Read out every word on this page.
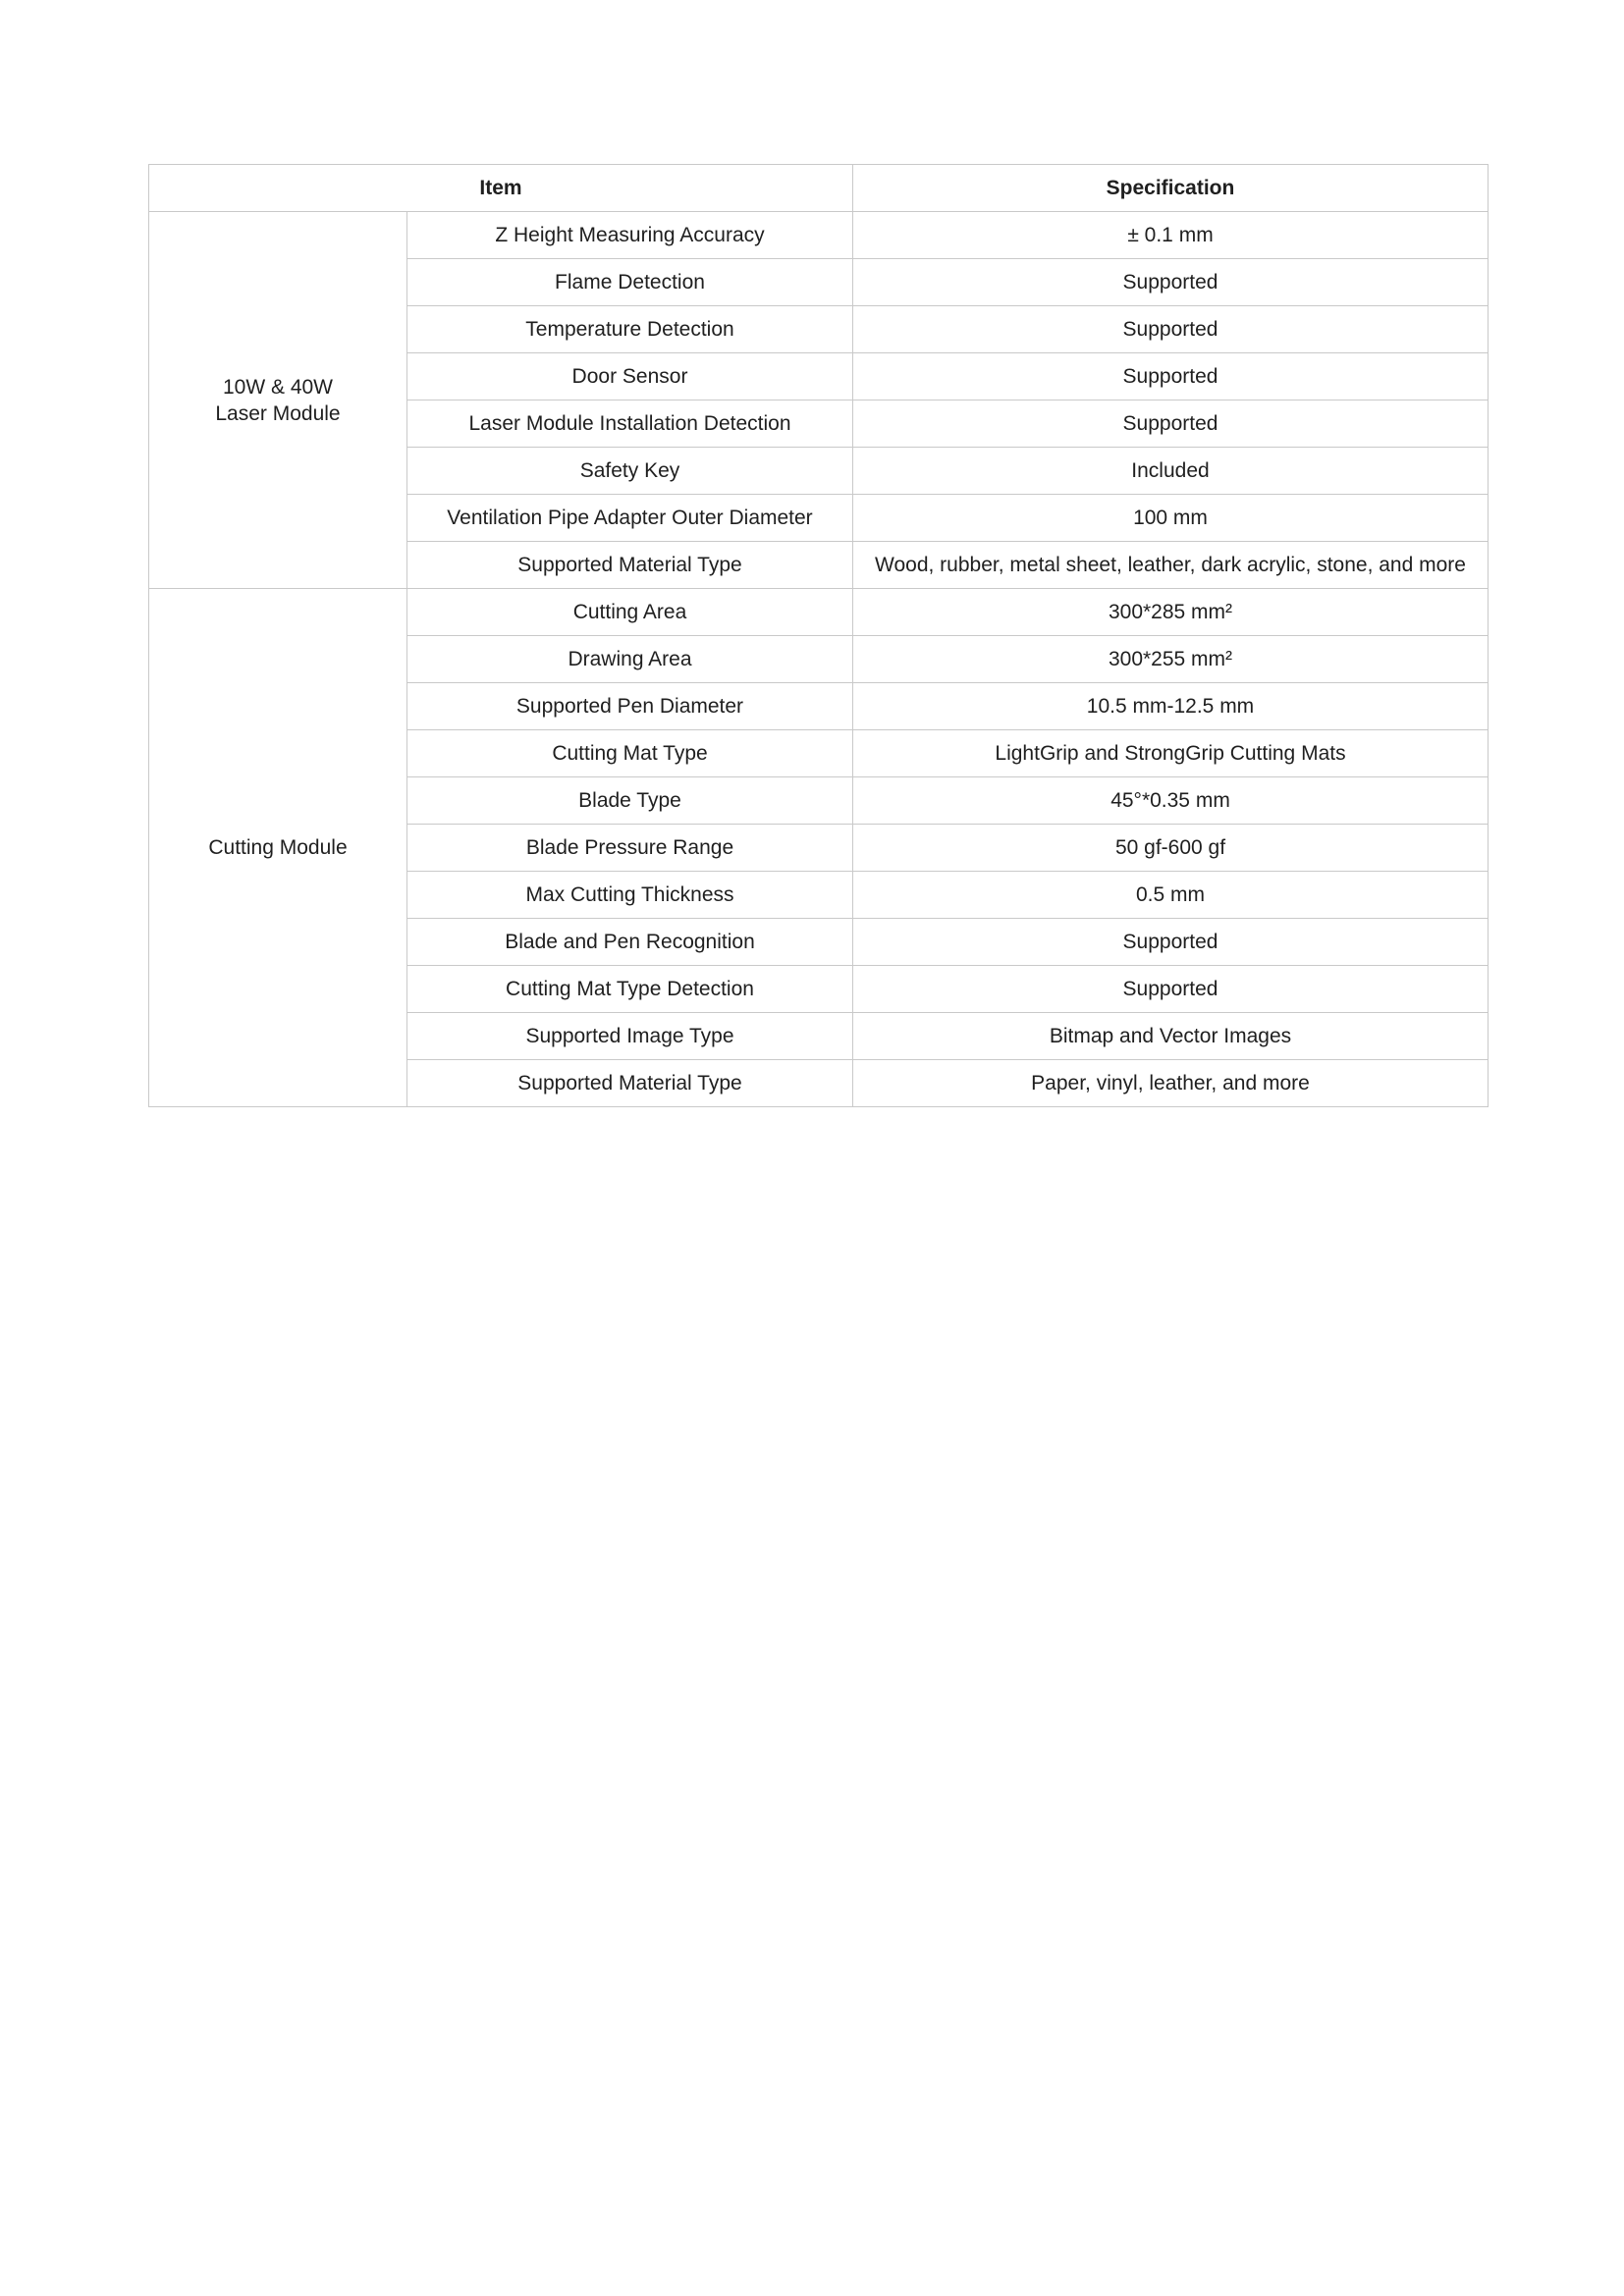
Item		Specification

10W & 40W
Laser Module	Z Height Measuring Accuracy	± 0.1 mm
	Flame Detection	Supported
	Temperature Detection	Supported
	Door Sensor	Supported
	Laser Module Installation Detection	Supported
	Safety Key	Included
	Ventilation Pipe Adapter Outer Diameter	100 mm
	Supported Material Type	Wood, rubber, metal sheet, leather, dark acrylic, stone, and more

Cutting Module	Cutting Area	300*285 mm²
	Drawing Area	300*255 mm²
	Supported Pen Diameter	10.5 mm-12.5 mm
	Cutting Mat Type	LightGrip and StrongGrip Cutting Mats
	Blade Type	45°*0.35 mm
	Blade Pressure Range	50 gf-600 gf
	Max Cutting Thickness	0.5 mm
	Blade and Pen Recognition	Supported
	Cutting Mat Type Detection	Supported
	Supported Image Type	Bitmap and Vector Images
	Supported Material Type	Paper, vinyl, leather, and more
